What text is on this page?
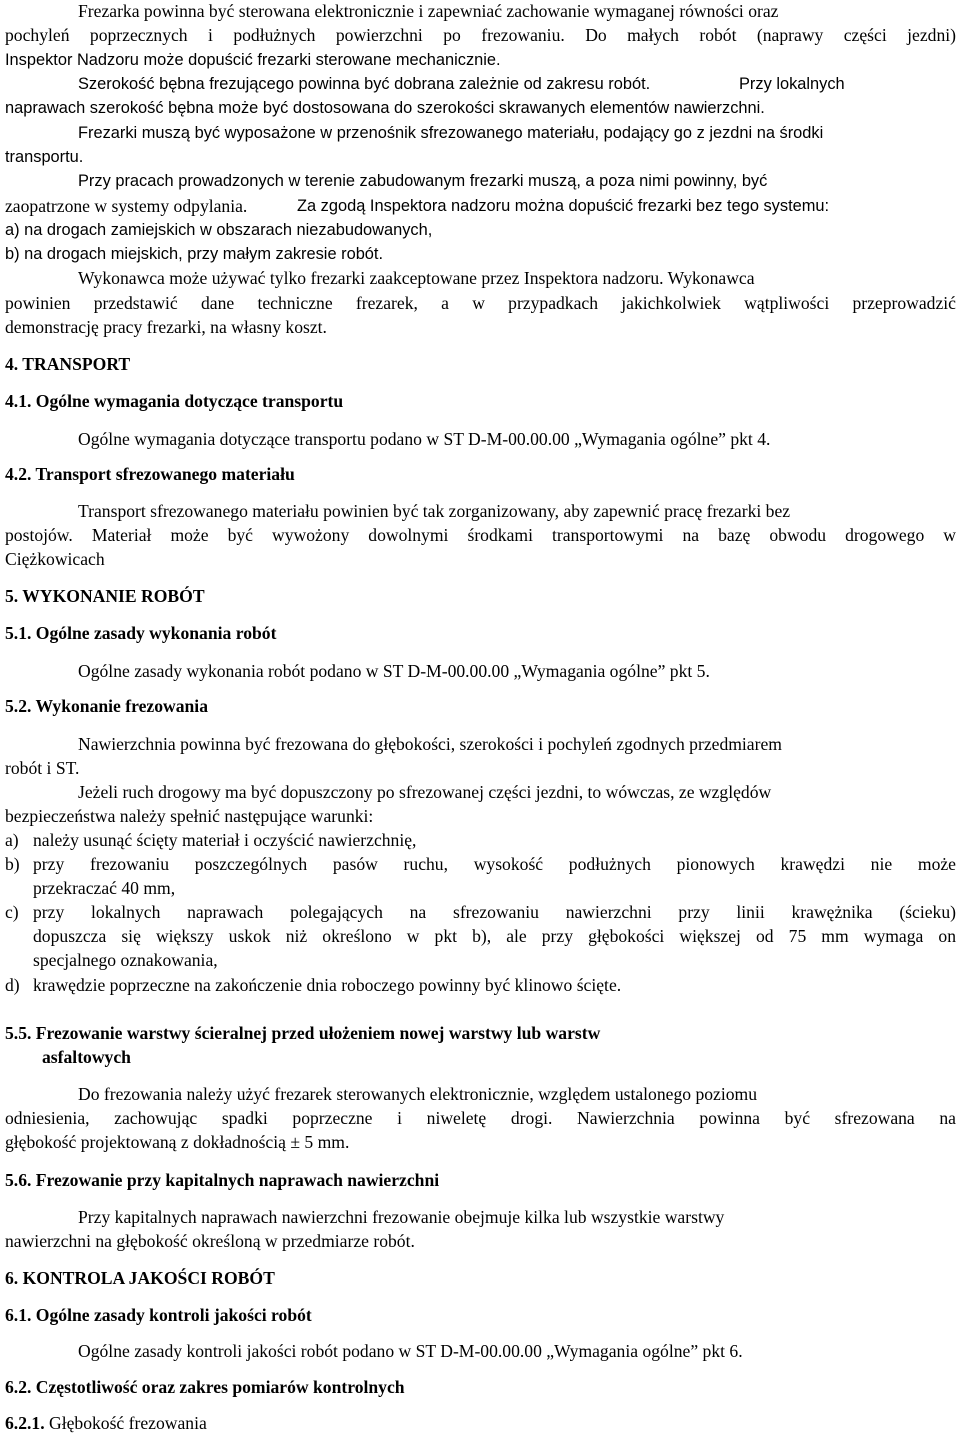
Frezarka powinna być sterowana elektronicznie i zapewniać zachowanie wymaganej równości oraz

pochyleń poprzecznych i podłużnych powierzchni po frezowaniu. Do małych robót (naprawy części jezdni)

Inspektor Nadzoru może dopuścić frezarki sterowane mechanicznie.

Szerokość bębna frezującego powinna być dobrana zależnie od zakresu robót.	Przy lokalnych

naprawach szerokość bębna może być dostosowana do szerokości skrawanych elementów nawierzchni.

Frezarki muszą być wyposażone w przenośnik sfrezowanego materiału, podający go z jezdni na środki

transportu.

Przy pracach prowadzonych w terenie zabudowanym frezarki muszą, a poza nimi powinny, być

zaopatrzone w systemy odpylania.	Za zgodą Inspektora nadzoru można dopuścić frezarki bez tego systemu:

a) na drogach zamiejskich w obszarach niezabudowanych,

b) na drogach miejskich, przy małym zakresie robót.

Wykonawca może używać tylko frezarki zaakceptowane przez Inspektora nadzoru. Wykonawca

powinien przedstawić dane techniczne frezarek, a w przypadkach jakichkolwiek wątpliwości przeprowadzić

demonstrację pracy frezarki, na własny koszt.

4. TRANSPORT

4.1. Ogólne wymagania dotyczące transportu

Ogólne wymagania dotyczące transportu podano w ST D-M-00.00.00 „Wymagania ogólne” pkt 4.

4.2. Transport sfrezowanego materiału

Transport sfrezowanego materiału powinien być tak zorganizowany, aby zapewnić pracę frezarki bez

postojów. Materiał może być wywożony dowolnymi środkami transportowymi na bazę obwodu drogowego w

Ciężkowicach

5. WYKONANIE ROBÓT

5.1. Ogólne zasady wykonania robót

Ogólne zasady wykonania robót podano w ST D-M-00.00.00 „Wymagania ogólne” pkt 5.

5.2. Wykonanie frezowania

Nawierzchnia powinna być frezowana do głębokości, szerokości i pochyleń zgodnych przedmiarem

robót i ST.

Jeżeli ruch drogowy ma być dopuszczony po sfrezowanej części jezdni, to wówczas, ze względów

bezpieczeństwa należy spełnić następujące warunki:

a) należy usunąć ścięty materiał i oczyścić nawierzchnię,

b) przy frezowaniu poszczególnych pasów ruchu, wysokość podłużnych pionowych krawędzi nie może

przekraczać 40 mm,

c) przy lokalnych naprawach polegających na sfrezowaniu nawierzchni przy linii krawężnika (ścieku)

dopuszcza się większy uskok niż określono w pkt b), ale przy głębokości większej od 75 mm wymaga on

specjalnego oznakowania,

d) krawędzie poprzeczne na zakończenie dnia roboczego powinny być klinowo ścięte.

5.5. Frezowanie warstwy ścieralnej przed ułożeniem nowej warstwy lub warstw

asfaltowych

Do frezowania należy użyć frezarek sterowanych elektronicznie, względem ustalonego poziomu

odniesienia, zachowując spadki poprzeczne i niweletę drogi. Nawierzchnia powinna być sfrezowana na

głębokość projektowaną z dokładnością ± 5 mm.

5.6. Frezowanie przy kapitalnych naprawach nawierzchni

Przy kapitalnych naprawach nawierzchni frezowanie obejmuje kilka lub wszystkie warstwy

nawierzchni na głębokość określoną w przedmiarze robót.

6. KONTROLA JAKOŚCI ROBÓT

6.1. Ogólne zasady kontroli jakości robót

Ogólne zasady kontroli jakości robót podano w ST D-M-00.00.00 „Wymagania ogólne” pkt 6.

6.2. Częstotliwość oraz zakres pomiarów kontrolnych

6.2.1. Głębokość frezowania
